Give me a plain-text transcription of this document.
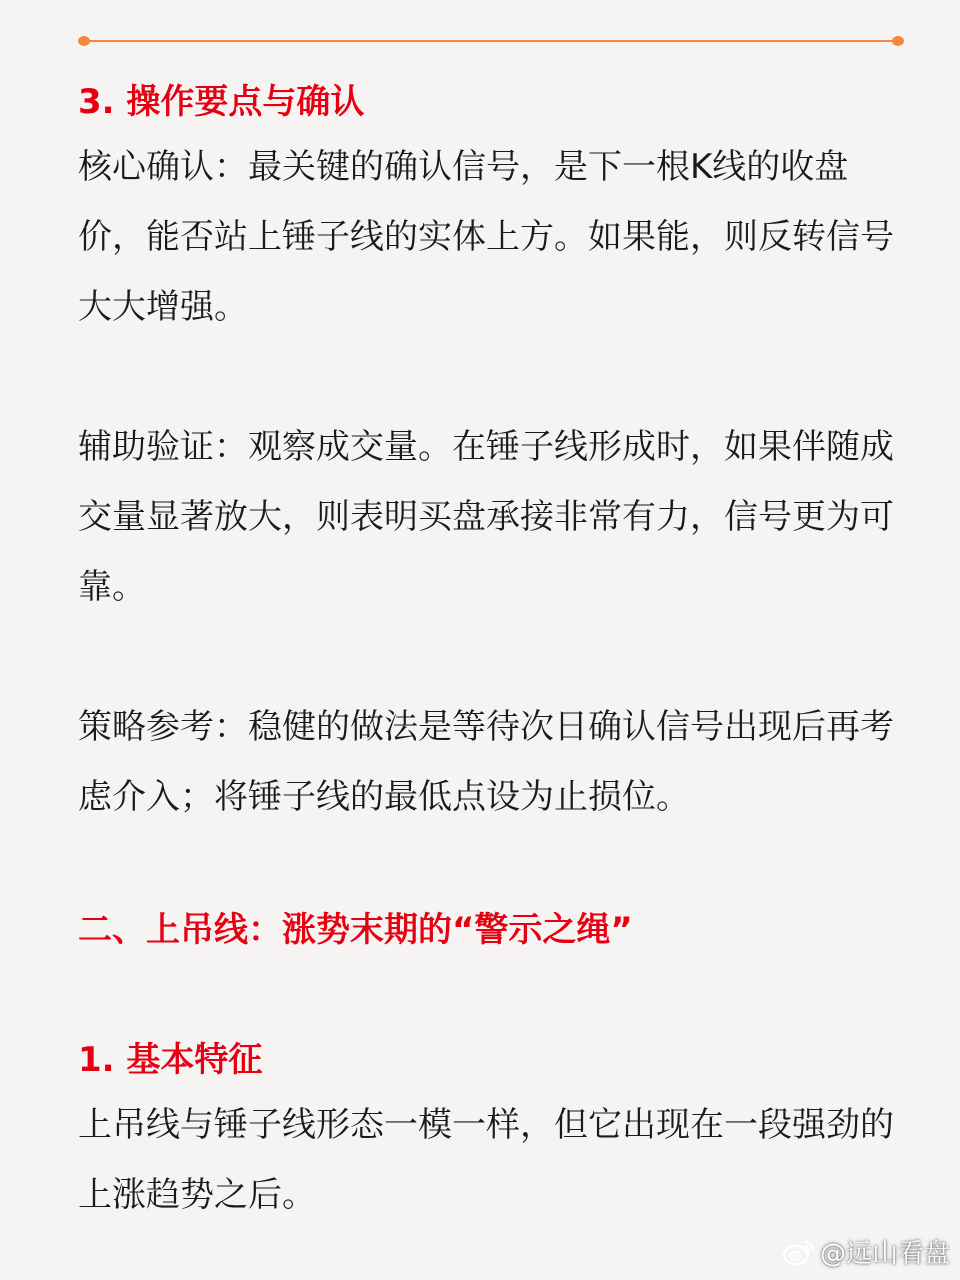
3. 操作要点与确认

核心确认：最关键的确认信号，是下一根K线的收盘价，能否站上锤子线的实体上方。如果能，则反转信号大大增强。

辅助验证：观察成交量。在锤子线形成时，如果伴随成交量显著放大，则表明买盘承接非常有力，信号更为可靠。

策略参考：稳健的做法是等待次日确认信号出现后再考虑介入；将锤子线的最低点设为止损位。

二、上吊线：涨势末期的“警示之绳”
1. 基本特征

上吊线与锤子线形态一模一样，但它出现在一段强劲的上涨趋势之后。

@远山看盘
